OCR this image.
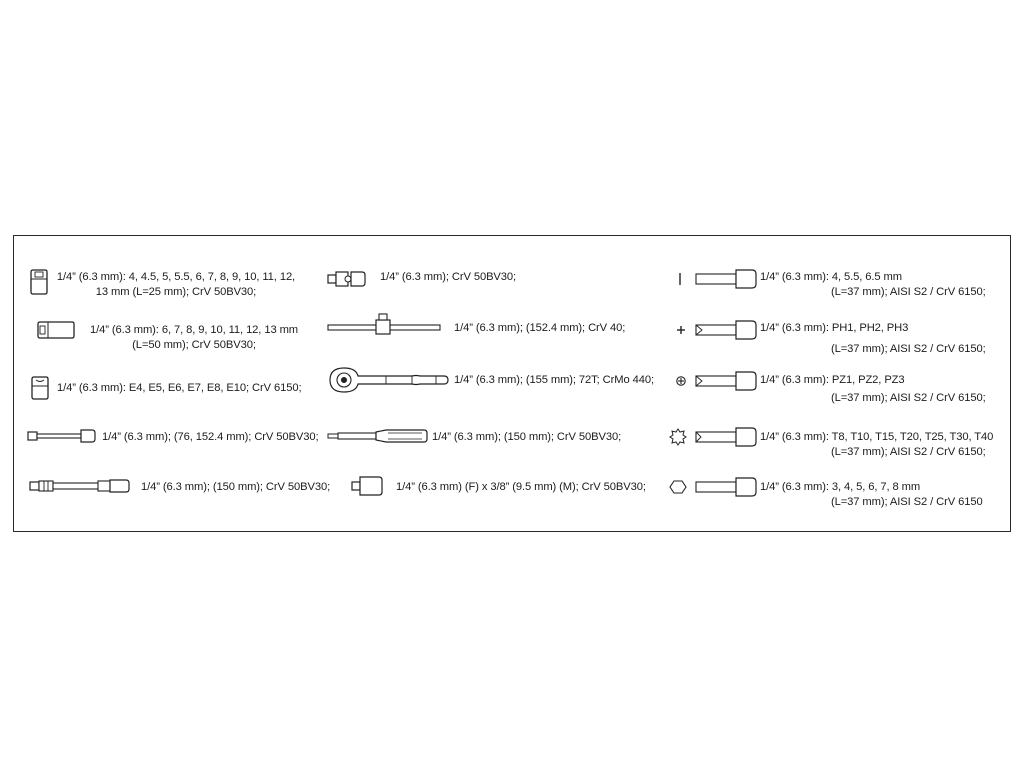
1/4” (6.3 mm): 4, 4.5, 5, 5.5, 6, 7, 8, 9, 10, 11, 12,
13 mm (L=25 mm); CrV 50BV30;
1/4” (6.3 mm): 6, 7, 8, 9, 10, 11, 12, 13 mm
(L=50 mm); CrV 50BV30;
1/4” (6.3 mm): E4, E5, E6, E7, E8, E10; CrV 6150;
1/4” (6.3 mm); (76, 152.4 mm); CrV 50BV30;
1/4” (6.3 mm); (150 mm); CrV 50BV30;
1/4” (6.3 mm); CrV 50BV30;
1/4” (6.3 mm); (152.4 mm); CrV 40;
1/4” (6.3 mm); (155 mm); 72T; CrMo 440;
1/4” (6.3 mm); (150 mm); CrV 50BV30;
1/4” (6.3 mm) (F) x 3/8” (9.5 mm) (M); CrV 50BV30;
1/4” (6.3 mm): 4, 5.5, 6.5 mm
(L=37 mm); AISI S2 / CrV 6150;
1/4” (6.3 mm): PH1, PH2, PH3
(L=37 mm); AISI S2 / CrV 6150;
1/4” (6.3 mm): PZ1, PZ2, PZ3
(L=37 mm); AISI S2 / CrV 6150;
1/4” (6.3 mm): T8, T10, T15, T20, T25, T30, T40
(L=37 mm); AISI S2 / CrV 6150;
1/4” (6.3 mm): 3, 4, 5, 6, 7, 8 mm
(L=37 mm); AISI S2 / CrV 6150
